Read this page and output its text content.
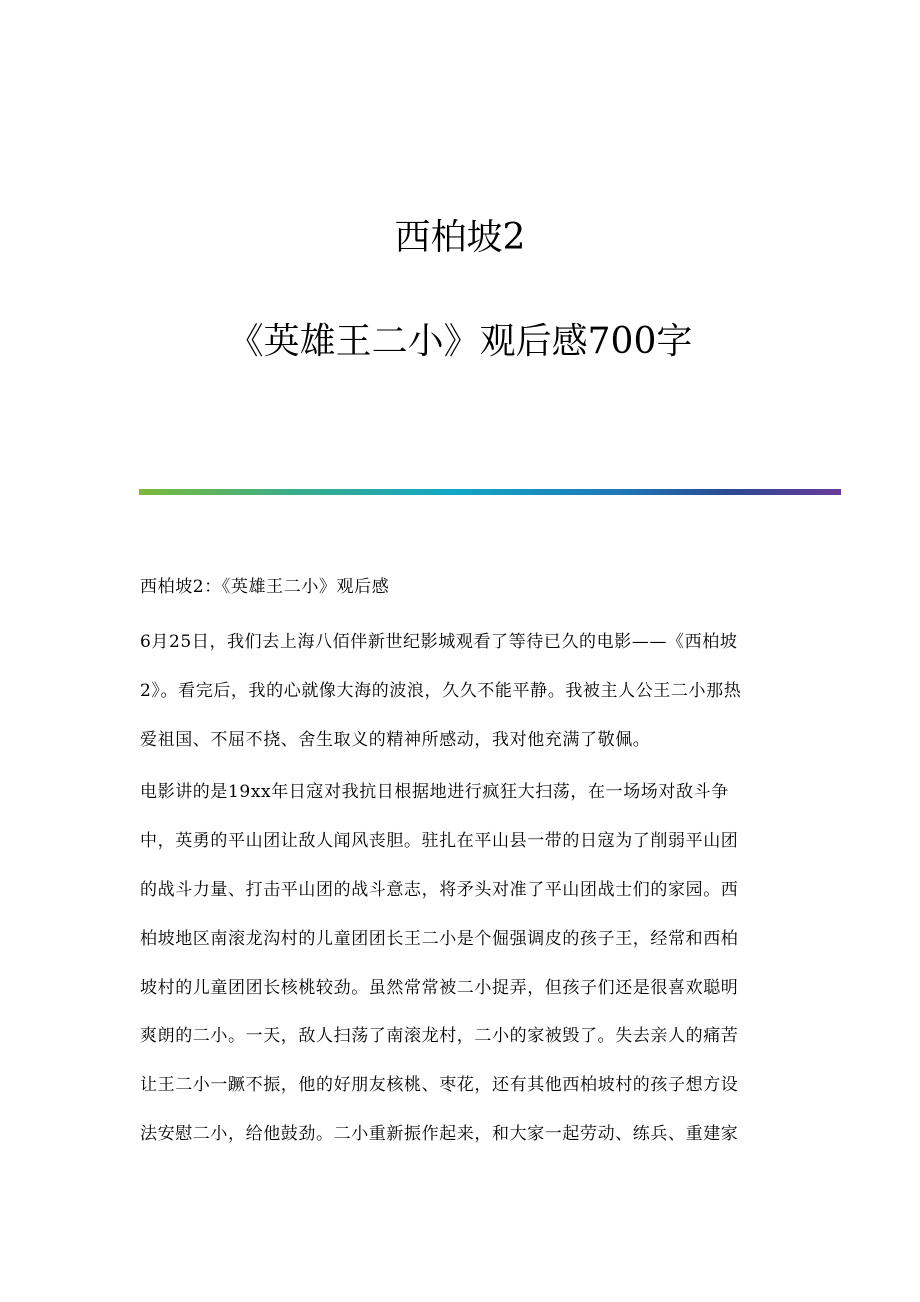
西柏坡2
《英雄王二小》观后感700字

西柏坡2：《英雄王二小》观后感

6月25日，我们去上海八佰伴新世纪影城观看了等待已久的电影——《西柏坡
2》。看完后，我的心就像大海的波浪，久久不能平静。我被主人公王二小那热
爱祖国、不屈不挠、舍生取义的精神所感动，我对他充满了敬佩。

电影讲的是19xx年日寇对我抗日根据地进行疯狂大扫荡，在一场场对敌斗争
中，英勇的平山团让敌人闻风丧胆。驻扎在平山县一带的日寇为了削弱平山团
的战斗力量、打击平山团的战斗意志，将矛头对准了平山团战士们的家园。西
柏坡地区南滚龙沟村的儿童团团长王二小是个倔强调皮的孩子王，经常和西柏
坡村的儿童团团长核桃较劲。虽然常常被二小捉弄，但孩子们还是很喜欢聪明
爽朗的二小。一天，敌人扫荡了南滚龙村，二小的家被毁了。失去亲人的痛苦
让王二小一蹶不振，他的好朋友核桃、枣花，还有其他西柏坡村的孩子想方设
法安慰二小，给他鼓劲。二小重新振作起来，和大家一起劳动、练兵、重建家
